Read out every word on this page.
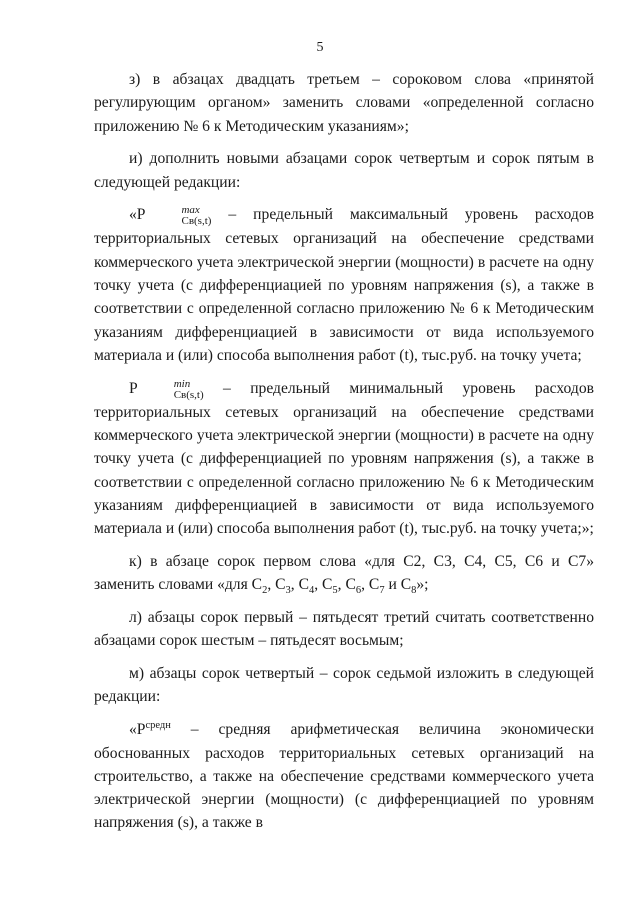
5

з) в абзацах двадцать третьем – сороковом слова «принятой регулирующим органом» заменить словами «определенной согласно приложению № 6 к Методическим указаниям»;

и) дополнить новыми абзацами сорок четвертым и сорок пятым в следующей редакции:

«P	max
Св(s,t) – предельный максимальный уровень расходов территориальных сетевых организаций на обеспечение средствами коммерческого учета электрической энергии (мощности) в расчете на одну точку учета (с дифференциацией по уровням напряжения (s), а также в соответствии с определенной согласно приложению № 6 к Методическим указаниям дифференциацией в зависимости от вида используемого материала и (или) способа выполнения работ (t), тыс.руб. на точку учета;

P	min
Св(s,t) – предельный минимальный уровень расходов территориальных сетевых организаций на обеспечение средствами коммерческого учета электрической энергии (мощности) в расчете на одну точку учета (с дифференциацией по уровням напряжения (s), а также в соответствии с определенной согласно приложению № 6 к Методическим указаниям дифференциацией в зависимости от вида используемого материала и (или) способа выполнения работ (t), тыс.руб. на точку учета;»;

к) в абзаце сорок первом слова «для С2, С3, С4, С5, С6 и С7» заменить словами «для $С_2$, $С_3$, $С_4$, $С_5$, $С_6$, $С_7$ и $С_8$»;

л) абзацы сорок первый – пятьдесят третий считать соответственно абзацами сорок шестым – пятьдесят восьмым;

м) абзацы сорок четвертый – сорок седьмой изложить в следующей редакции:

«$P^{средн}$ – средняя арифметическая величина экономически обоснованных расходов территориальных сетевых организаций на строительство, а также на обеспечение средствами коммерческого учета электрической энергии (мощности) (с дифференциацией по уровням напряжения (s), а также в
